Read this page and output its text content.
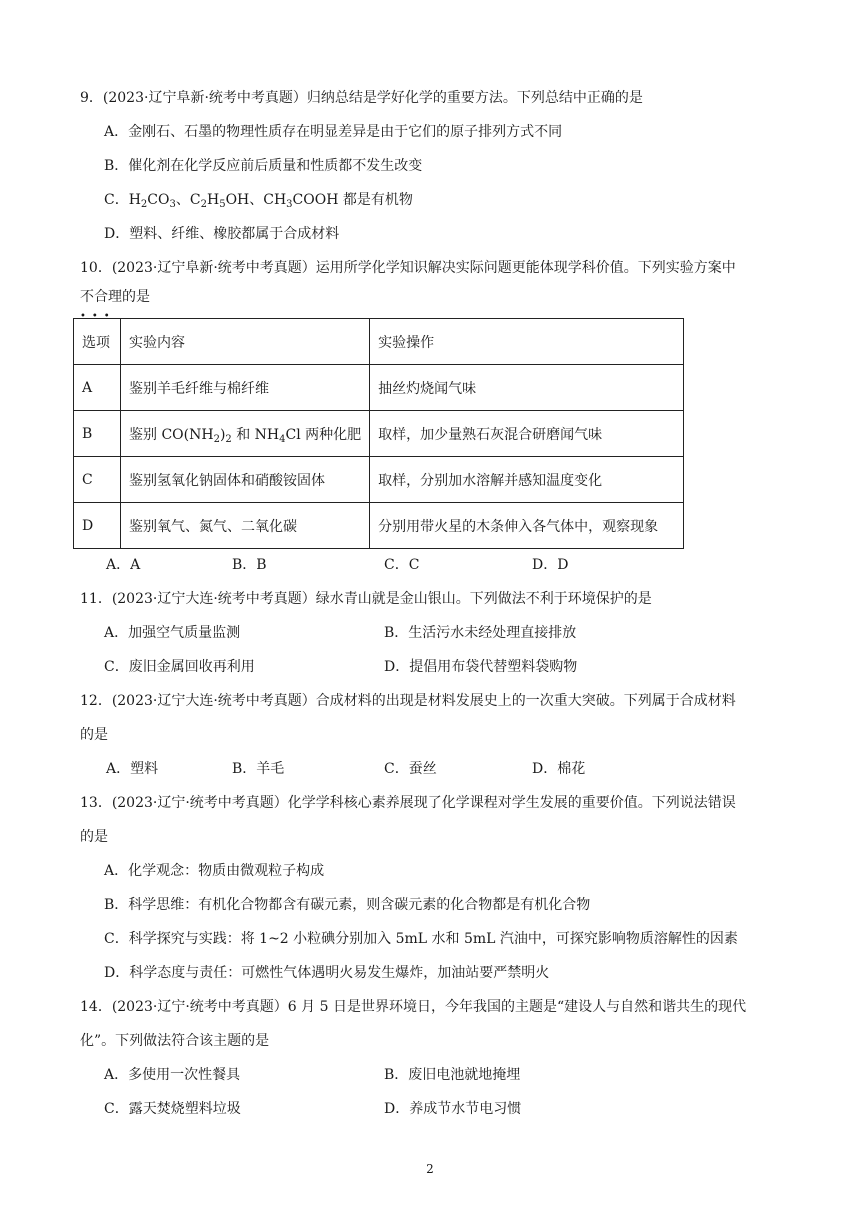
9．(2023·辽宁阜新·统考中考真题）归纳总结是学好化学的重要方法。下列总结中正确的是
A．金刚石、石墨的物理性质存在明显差异是由于它们的原子排列方式不同
B．催化剂在化学反应前后质量和性质都不发生改变
C．$H_2CO_3$、$C_2H_5OH$、$CH_3COOH$ 都是有机物
D．塑料、纤维、橡胶都属于合成材料
10．(2023·辽宁阜新·统考中考真题）运用所学化学知识解决实际问题更能体现学科价值。下列实验方案中
不合理的是
•••
选项	实验内容	实验操作
A	鉴别羊毛纤维与棉纤维	抽丝灼烧闻气味
B	鉴别 $CO(NH_2)_2$ 和 $NH_4Cl$ 两种化肥	取样，加少量熟石灰混合研磨闻气味
C	鉴别氢氧化钠固体和硝酸铵固体	取样，分别加水溶解并感知温度变化
D	鉴别氧气、氮气、二氧化碳	分别用带火星的木条伸入各气体中，观察现象
A．A	B．B	C．C	D．D
11．(2023·辽宁大连·统考中考真题）绿水青山就是金山银山。下列做法不利于环境保护的是
A．加强空气质量监测	B．生活污水未经处理直接排放
C．废旧金属回收再利用	D．提倡用布袋代替塑料袋购物
12．(2023·辽宁大连·统考中考真题）合成材料的出现是材料发展史上的一次重大突破。下列属于合成材料
的是
A．塑料	B．羊毛	C．蚕丝	D．棉花
13．(2023·辽宁·统考中考真题）化学学科核心素养展现了化学课程对学生发展的重要价值。下列说法错误
的是
A．化学观念：物质由微观粒子构成
B．科学思维：有机化合物都含有碳元素，则含碳元素的化合物都是有机化合物
C．科学探究与实践：将 1~2 小粒碘分别加入 5mL 水和 5mL 汽油中，可探究影响物质溶解性的因素
D．科学态度与责任：可燃性气体遇明火易发生爆炸，加油站要严禁明火
14．(2023·辽宁·统考中考真题）6 月 5 日是世界环境日，今年我国的主题是“建设人与自然和谐共生的现代
化”。下列做法符合该主题的是
A．多使用一次性餐具	B．废旧电池就地掩埋
C．露天焚烧塑料垃圾	D．养成节水节电习惯
2
